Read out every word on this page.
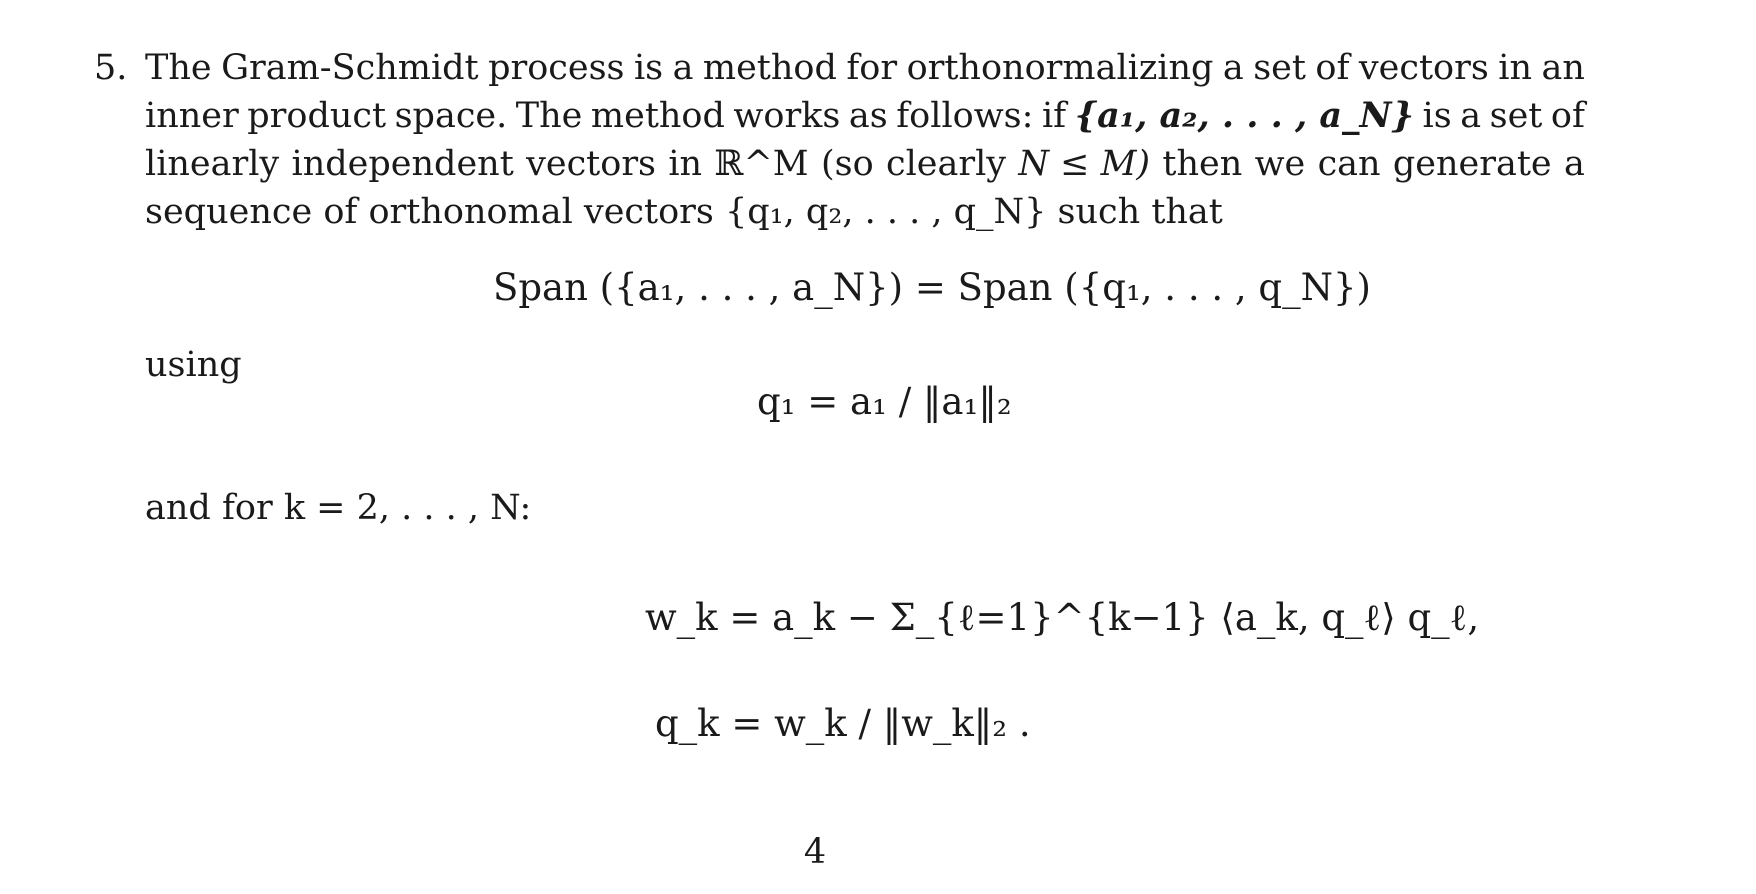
5. The Gram-Schmidt process is a method for orthonormalizing a set of vectors in an
inner product space. The method works as follows: if {a₁, a₂, . . . , a_N} is a set of
linearly independent vectors in ℝ^M (so clearly N ≤ M) then we can generate a
sequence of orthonomal vectors {q₁, q₂, . . . , q_N} such that
Span ({a₁, . . . , a_N}) = Span ({q₁, . . . , q_N})
using
q₁ = a₁ / ‖a₁‖₂
and for k = 2, . . . , N:
w_k = a_k − Σ_{ℓ=1}^{k−1} ⟨a_k, q_ℓ⟩ q_ℓ,
q_k = w_k / ‖w_k‖₂ .
4
